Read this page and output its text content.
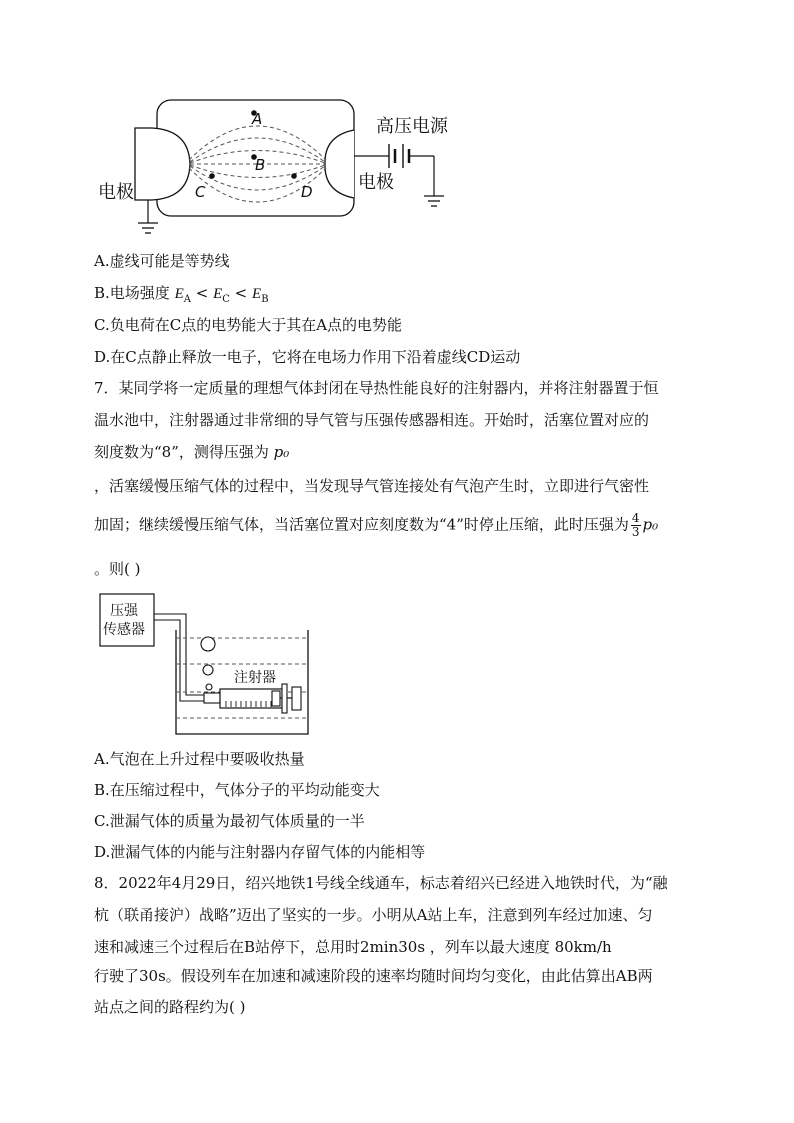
A
B
C	D
电极	电极
高压电源
A.虚线可能是等势线
B.电场强度 $E_A < E_C < E_B$
C.负电荷在C点的电势能大于其在A点的电势能
D.在C点静止释放一电子，它将在电场力作用下沿着虚线CD运动
7．某同学将一定质量的理想气体封闭在导热性能良好的注射器内，并将注射器置于恒
温水池中，注射器通过非常细的导气管与压强传感器相连。开始时，活塞位置对应的
刻度数为“8”，测得压强为 p₀
，活塞缓慢压缩气体的过程中，当发现导气管连接处有气泡产生时，立即进行气密性
加固；继续缓慢压缩气体，当活塞位置对应刻度数为“4”时停止压缩，此时压强为 $\frac{4}{3} p_0$
。则( )
压强
传感器
注射器
A.气泡在上升过程中要吸收热量
B.在压缩过程中，气体分子的平均动能变大
C.泄漏气体的质量为最初气体质量的一半
D.泄漏气体的内能与注射器内存留气体的内能相等
8．2022年4月29日，绍兴地铁1号线全线通车，标志着绍兴已经进入地铁时代，为“融
杭（联甬接沪）战略”迈出了坚实的一步。小明从A站上车，注意到列车经过加速、匀
速和减速三个过程后在B站停下，总用时2min30s ，列车以最大速度 80km/h
行驶了30s。假设列车在加速和减速阶段的速率均随时间均匀变化，由此估算出AB两
站点之间的路程约为( )
